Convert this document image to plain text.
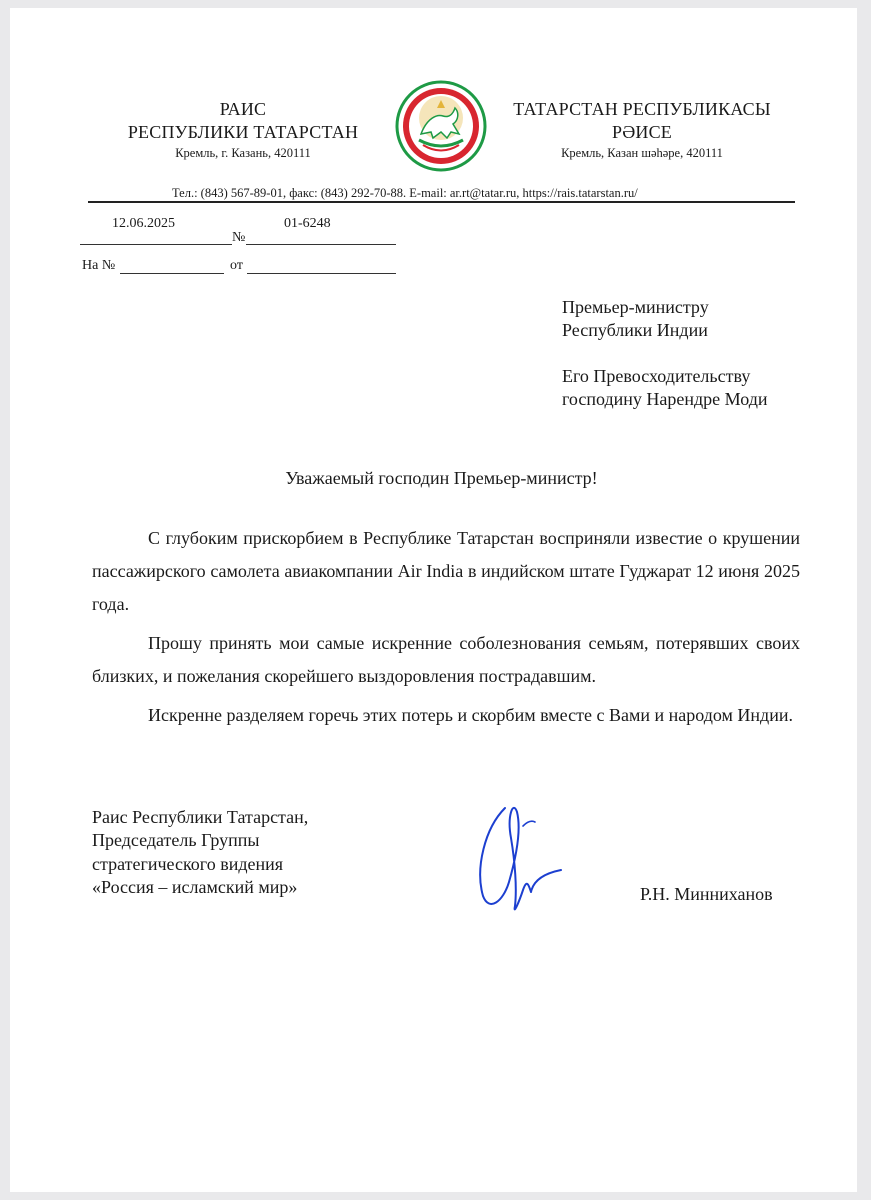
РАИС
РЕСПУБЛИКИ ТАТАРСТАН
Кремль, г. Казань, 420111
ТАТАРСТАН РЕСПУБЛИКАСЫ
РӘИСЕ
Кремль, Казан шәһәре, 420111
Тел.: (843) 567-89-01, факс: (843) 292-70-88. E-mail: ar.rt@tatar.ru, https://rais.tatarstan.ru/
12.06.2025	01-6248
№
На №	от
Премьер-министру
Республики Индии
Его Превосходительству
господину Нарендре Моди
Уважаемый господин Премьер-министр!

С глубоким прискорбием в Республике Татарстан восприняли известие о крушении пассажирского самолета авиакомпании Air India в индийском штате Гуджарат 12 июня 2025 года.

Прошу принять мои самые искренние соболезнования семьям, потерявших своих близких, и пожелания скорейшего выздоровления пострадавшим.

Искренне разделяем горечь этих потерь и скорбим вместе с Вами и народом Индии.

Раис Республики Татарстан,
Председатель Группы
стратегического видения
«Россия – исламский мир»	Р.Н. Минниханов
